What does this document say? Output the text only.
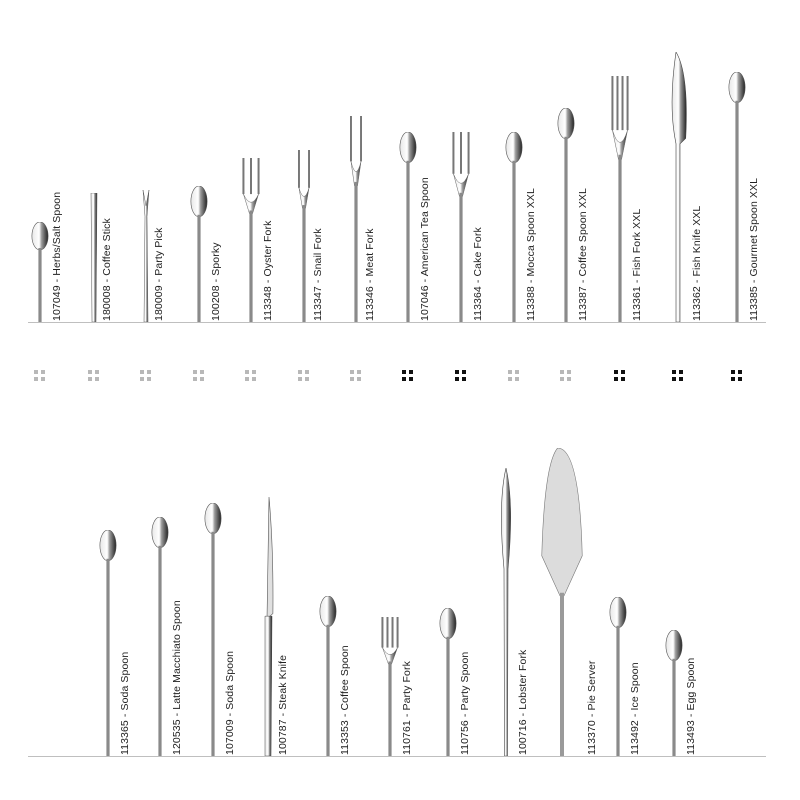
107049 - Herbs/Salt Spoon	180008 - Coffee Stick	180009 - Party Pick	100208 - Sporky	113348 - Oyster Fork	113347 - Snail Fork	113346 - Meat Fork	107046 - American Tea Spoon	113364 - Cake Fork	113388 - Mocca Spoon XXL	113387 - Coffee Spoon XXL	113361 - Fish Fork XXL	113362 - Fish Knife XXL	113385 - Gourmet Spoon XXL
113365 - Soda Spoon	120535 - Latte Macchiato Spoon	107009 - Soda Spoon	100787 - Steak Knife	113353 - Coffee Spoon	110761 - Party Fork	110756 - Party Spoon	100716 - Lobster Fork	113370 - Pie Server	113492 - Ice Spoon	113493 - Egg Spoon
